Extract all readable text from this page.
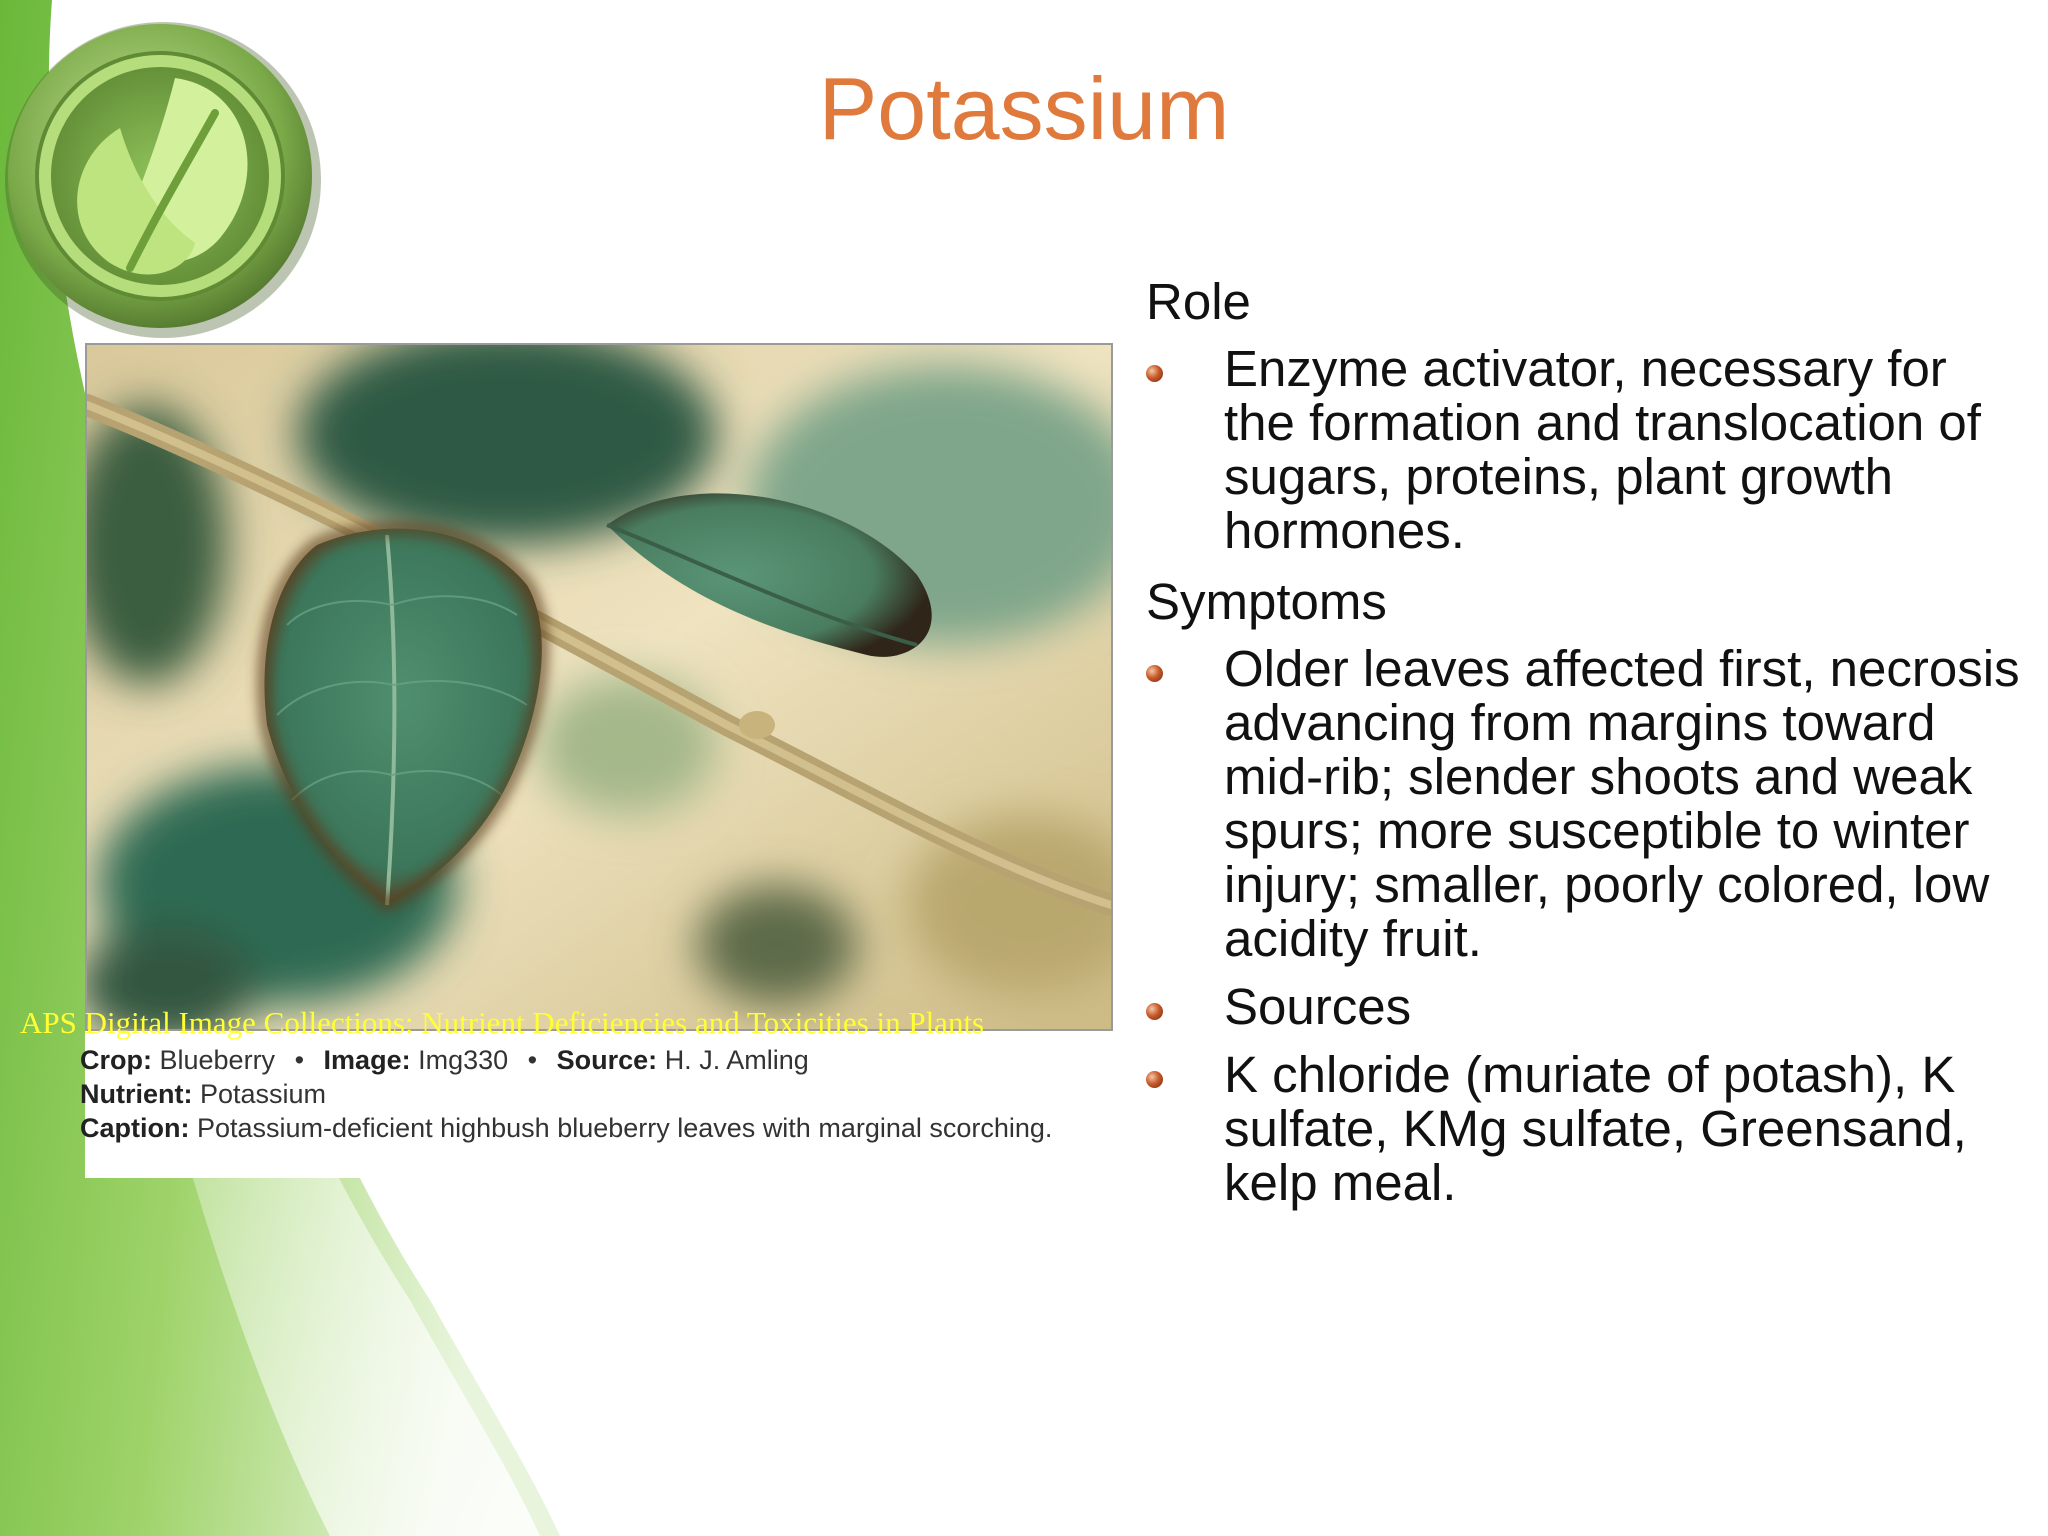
Potassium
Crop: Blueberry • Image: Img330 • Source: H. J. Amling
Nutrient: Potassium
Caption: Potassium-deficient highbush blueberry leaves with marginal scorching.
APS Digital Image Collections: Nutrient Deficiencies and Toxicities in Plants
Role
Enzyme activator, necessary for the formation and translocation of sugars, proteins, plant growth hormones.
Symptoms
Older leaves affected first, necrosis advancing from margins toward mid-rib; slender shoots and weak spurs; more susceptible to winter injury; smaller, poorly colored, low acidity fruit.
Sources
K chloride (muriate of potash), K sulfate, KMg sulfate, Greensand, kelp meal.
